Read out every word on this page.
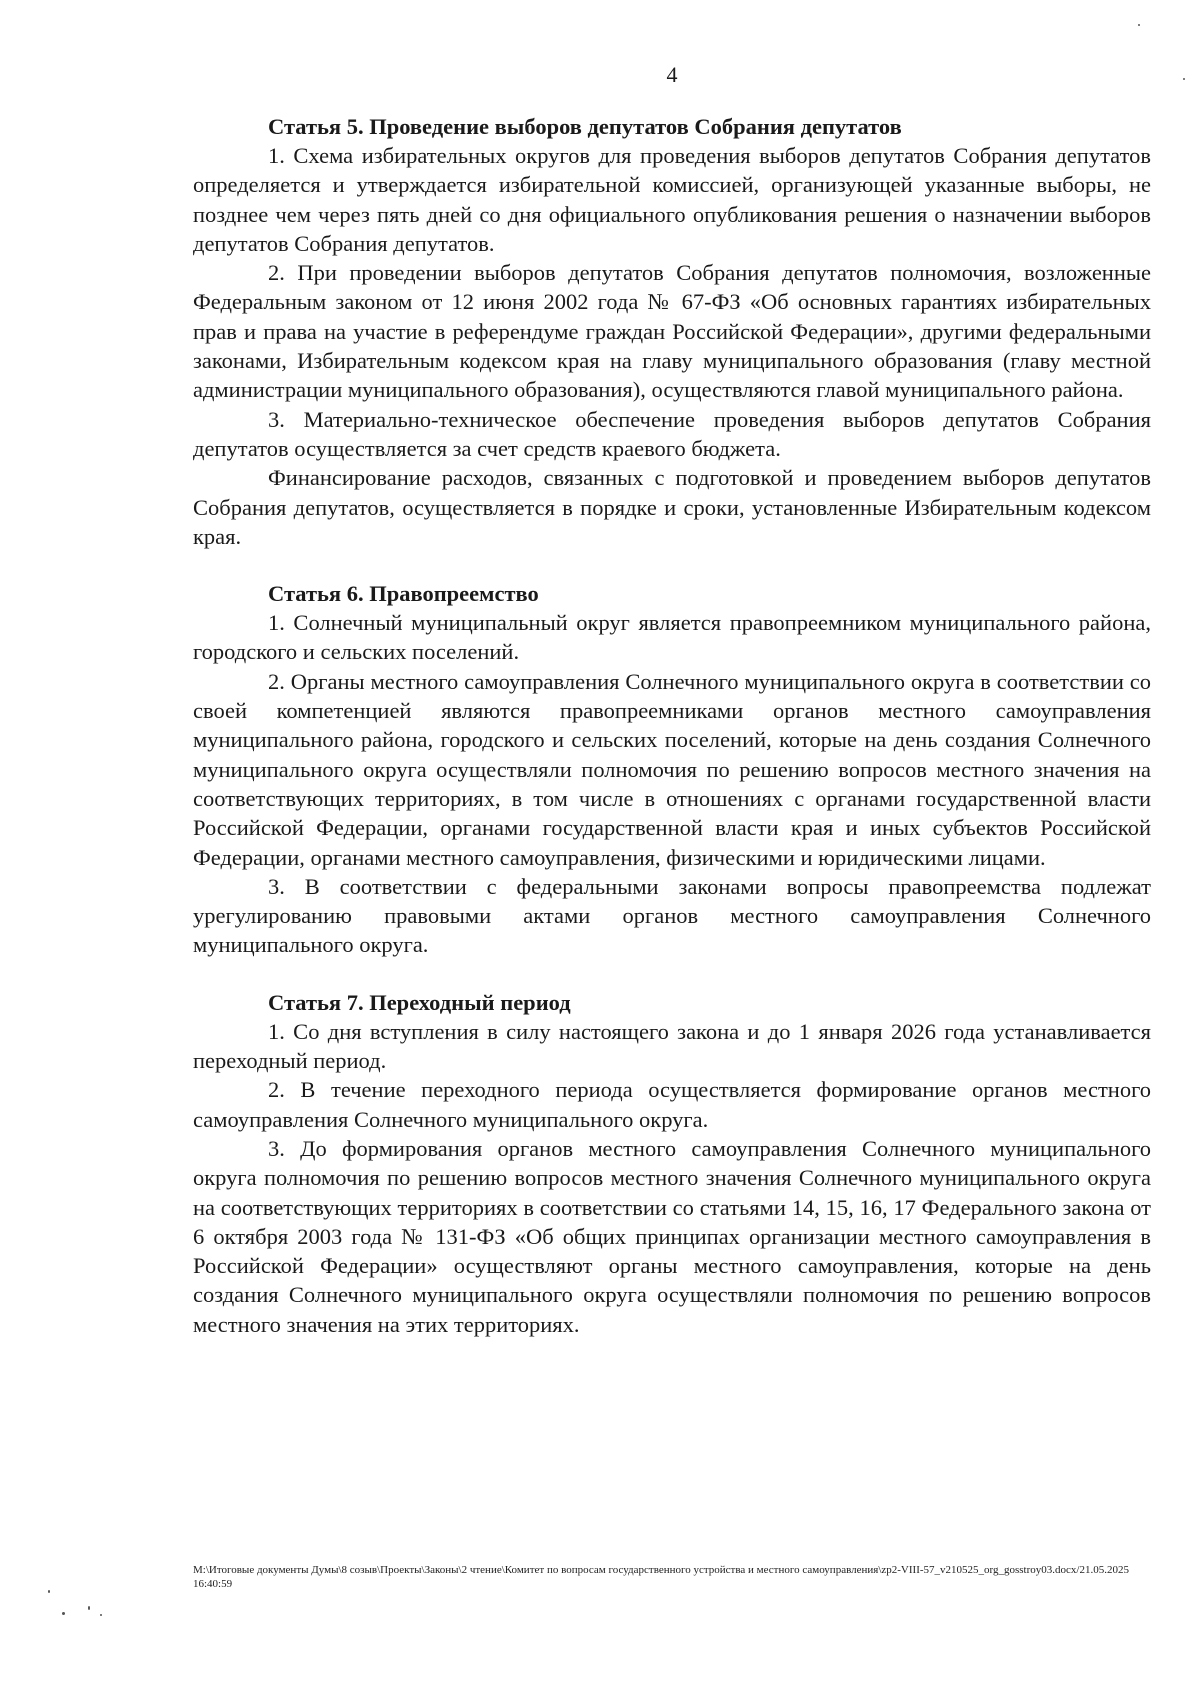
4

Статья 5. Проведение выборов депутатов Собрания депутатов

1. Схема избирательных округов для проведения выборов депутатов Собрания депутатов определяется и утверждается избирательной комиссией, организующей указанные выборы, не позднее чем через пять дней со дня официального опубликования решения о назначении выборов депутатов Собрания депутатов.

2. При проведении выборов депутатов Собрания депутатов полномочия, возложенные Федеральным законом от 12 июня 2002 года № 67-ФЗ «Об основных гарантиях избирательных прав и права на участие в референдуме граждан Российской Федерации», другими федеральными законами, Избирательным кодексом края на главу муниципального образования (главу местной администрации муниципального образования), осуществляются главой муниципального района.

3. Материально-техническое обеспечение проведения выборов депутатов Собрания депутатов осуществляется за счет средств краевого бюджета.

Финансирование расходов, связанных с подготовкой и проведением выборов депутатов Собрания депутатов, осуществляется в порядке и сроки, установленные Избирательным кодексом края.

Статья 6. Правопреемство

1. Солнечный муниципальный округ является правопреемником муниципального района, городского и сельских поселений.

2. Органы местного самоуправления Солнечного муниципального округа в соответствии со своей компетенцией являются правопреемниками органов местного самоуправления муниципального района, городского и сельских поселений, которые на день создания Солнечного муниципального округа осуществляли полномочия по решению вопросов местного значения на соответствующих территориях, в том числе в отношениях с органами государственной власти Российской Федерации, органами государственной власти края и иных субъектов Российской Федерации, органами местного самоуправления, физическими и юридическими лицами.

3. В соответствии с федеральными законами вопросы правопреемства подлежат урегулированию правовыми актами органов местного самоуправления Солнечного муниципального округа.

Статья 7. Переходный период

1. Со дня вступления в силу настоящего закона и до 1 января 2026 года устанавливается переходный период.

2. В течение переходного периода осуществляется формирование органов местного самоуправления Солнечного муниципального округа.

3. До формирования органов местного самоуправления Солнечного муниципального округа полномочия по решению вопросов местного значения Солнечного муниципального округа на соответствующих территориях в соответствии со статьями 14, 15, 16, 17 Федерального закона от 6 октября 2003 года № 131-ФЗ «Об общих принципах организации местного самоуправления в Российской Федерации» осуществляют органы местного самоуправления, которые на день создания Солнечного муниципального округа осуществляли полномочия по решению вопросов местного значения на этих территориях.

M:\Итоговые документы Думы\8 созыв\Проекты\Законы\2 чтение\Комитет по вопросам государственного устройства и местного самоуправления\zp2-VIII-57_v210525_org_gosstroy03.docx/21.05.2025 16:40:59
